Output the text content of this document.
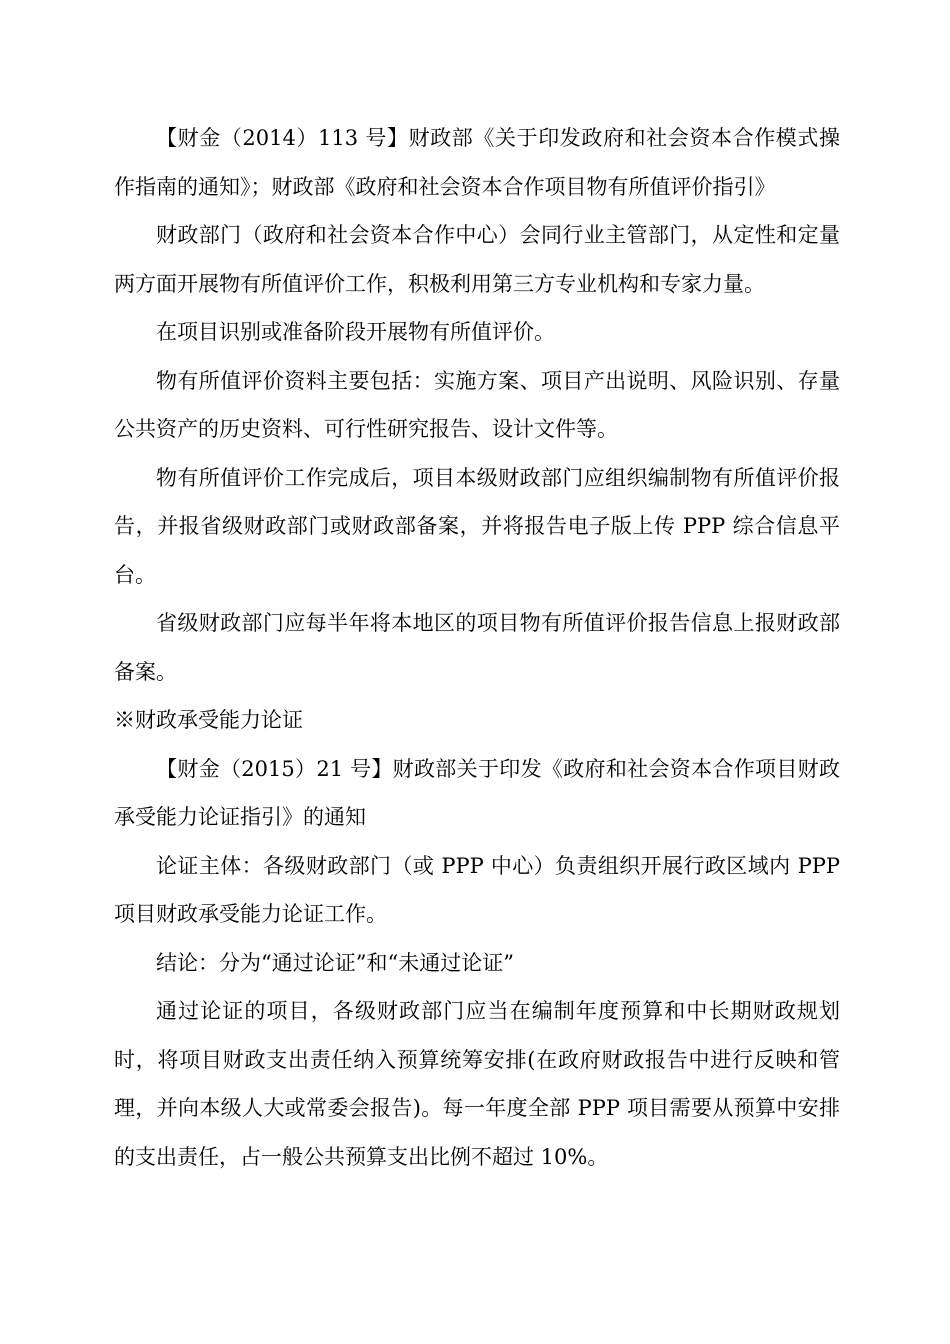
【财金（2014）113 号】财政部《关于印发政府和社会资本合作模式操作指南的通知》；财政部《政府和社会资本合作项目物有所值评价指引》

财政部门（政府和社会资本合作中心）会同行业主管部门，从定性和定量两方面开展物有所值评价工作，积极利用第三方专业机构和专家力量。

在项目识别或准备阶段开展物有所值评价。

物有所值评价资料主要包括：实施方案、项目产出说明、风险识别、存量公共资产的历史资料、可行性研究报告、设计文件等。

物有所值评价工作完成后，项目本级财政部门应组织编制物有所值评价报告，并报省级财政部门或财政部备案，并将报告电子版上传 PPP 综合信息平台。

省级财政部门应每半年将本地区的项目物有所值评价报告信息上报财政部备案。

※财政承受能力论证

【财金（2015）21 号】财政部关于印发《政府和社会资本合作项目财政承受能力论证指引》的通知

论证主体：各级财政部门（或 PPP 中心）负责组织开展行政区域内 PPP 项目财政承受能力论证工作。

结论：分为“通过论证”和“未通过论证”

通过论证的项目，各级财政部门应当在编制年度预算和中长期财政规划时，将项目财政支出责任纳入预算统筹安排(在政府财政报告中进行反映和管理，并向本级人大或常委会报告)。每一年度全部 PPP 项目需要从预算中安排的支出责任，占一般公共预算支出比例不超过 10%。
